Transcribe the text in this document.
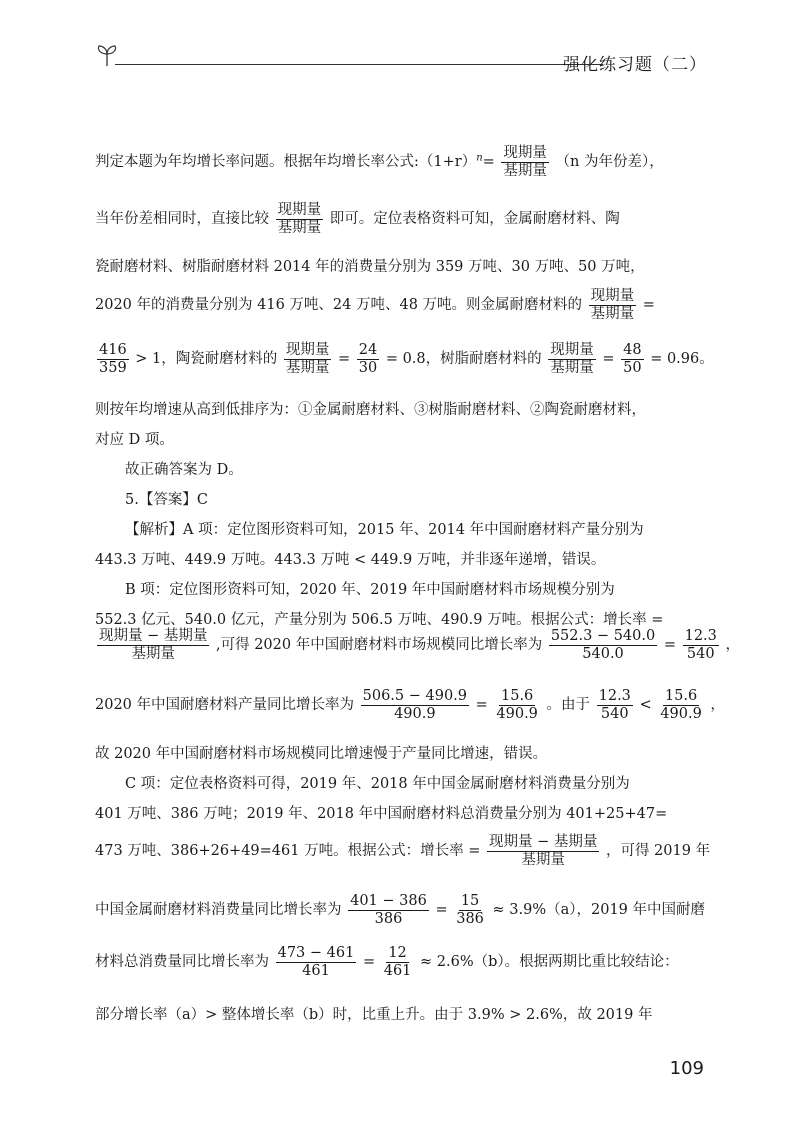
强化练习题（二）
判定本题为年均增长率问题。根据年均增长率公式$:(1+r)^n= \frac{\text{现期量}}{\text{基期量}} (n$ 为年份差），
当年份差相同时，直接比较 $\frac{\text{现期量}}{\text{基期量}}$ 即可。定位表格资料可知，金属耐磨材料、陶
瓷耐磨材料、树脂耐磨材料 2014 年的消费量分别为 359 万吨、30 万吨、50 万吨，
2020 年的消费量分别为 416 万吨、24 万吨、48 万吨。则金属耐磨材料的 $\frac{\text{现期量}}{\text{基期量}}$ =
$\frac{416}{359} > 1$，陶瓷耐磨材料的 $\frac{\text{现期量}}{\text{基期量}} = \frac{24}{30} = 0.8$，树脂耐磨材料的 $\frac{\text{现期量}}{\text{基期量}} = \frac{48}{50} = 0.96$。
则按年均增速从高到低排序为：①金属耐磨材料、③树脂耐磨材料、②陶瓷耐磨材料，
对应 D 项。
故正确答案为 D。
5.【答案】C
【解析】A 项：定位图形资料可知，2015 年、2014 年中国耐磨材料产量分别为
443.3 万吨、449.9 万吨。443.3 万吨 < 449.9 万吨，并非逐年递增，错误。
B 项：定位图形资料可知，2020 年、2019 年中国耐磨材料市场规模分别为
552.3 亿元、540.0 亿元，产量分别为 506.5 万吨、490.9 万吨。根据公式：增长率 =
$\frac{\text{现期量 − 基期量}}{\text{基期量}}$ ,可得 2020 年中国耐磨材料市场规模同比增长率为 $\frac{552.3 - 540.0}{540.0} = \frac{12.3}{540}$ ，
2020 年中国耐磨材料产量同比增长率为 $\frac{506.5 - 490.9}{490.9} = \frac{15.6}{490.9}$ 。由于 $\frac{12.3}{540} < \frac{15.6}{490.9}$ ，
故 2020 年中国耐磨材料市场规模同比增速慢于产量同比增速，错误。
C 项：定位表格资料可得，2019 年、2018 年中国金属耐磨材料消费量分别为
401 万吨、386 万吨；2019 年、2018 年中国耐磨材料总消费量分别为 401+25+47=
473 万吨、386+26+49=461 万吨。根据公式：增长率 = $\frac{\text{现期量 − 基期量}}{\text{基期量}}$ ，可得 2019 年
中国金属耐磨材料消费量同比增长率为 $\frac{401 - 386}{386} = \frac{15}{386} \approx 3.9\%(a)$，2019 年中国耐磨
材料总消费量同比增长率为 $\frac{473 - 461}{461} = \frac{12}{461} \approx 2.6\%(b)$。根据两期比重比较结论：
部分增长率（a）> 整体增长率（b）时，比重上升。由于 3.9% > 2.6%，故 2019 年
109
